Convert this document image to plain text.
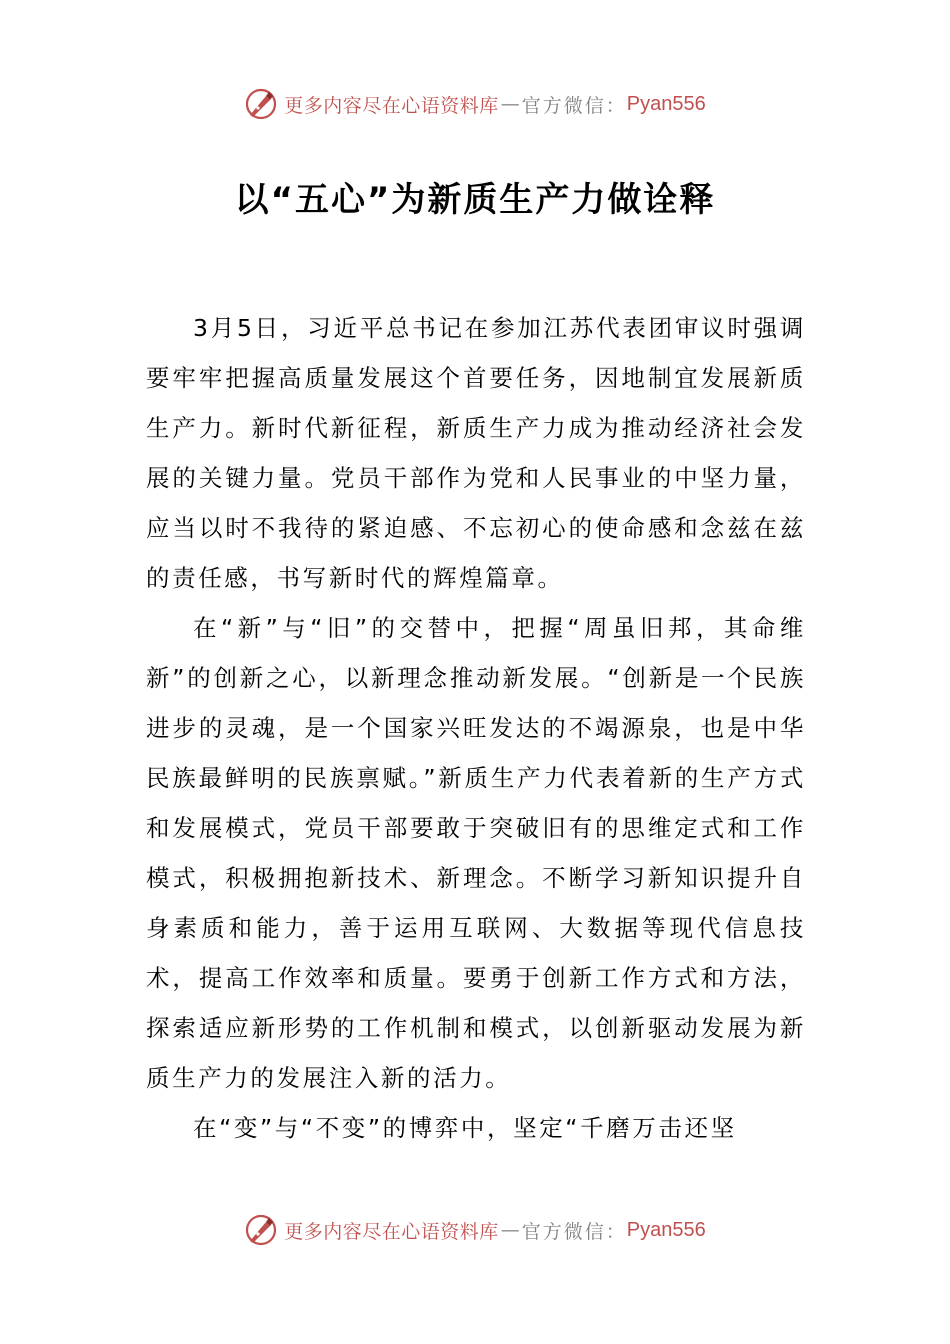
更多内容尽在心语资料库 — 官方微信： Pyan556
以“五心”为新质生产力做诠释

3月5日，习近平总书记在参加江苏代表团审议时强调要牢牢把握高质量发展这个首要任务，因地制宜发展新质生产力。新时代新征程，新质生产力成为推动经济社会发展的关键力量。党员干部作为党和人民事业的中坚力量，应当以时不我待的紧迫感、不忘初心的使命感和念兹在兹的责任感，书写新时代的辉煌篇章。

在“新”与“旧”的交替中，把握“周虽旧邦，其命维新”的创新之心，以新理念推动新发展。“创新是一个民族进步的灵魂，是一个国家兴旺发达的不竭源泉，也是中华民族最鲜明的民族禀赋。”新质生产力代表着新的生产方式和发展模式，党员干部要敢于突破旧有的思维定式和工作模式，积极拥抱新技术、新理念。不断学习新知识提升自身素质和能力，善于运用互联网、大数据等现代信息技术，提高工作效率和质量。要勇于创新工作方式和方法，探索适应新形势的工作机制和模式，以创新驱动发展为新质生产力的发展注入新的活力。

在“变”与“不变”的博弈中，坚定“千磨万击还坚

更多内容尽在心语资料库 — 官方微信： Pyan556
